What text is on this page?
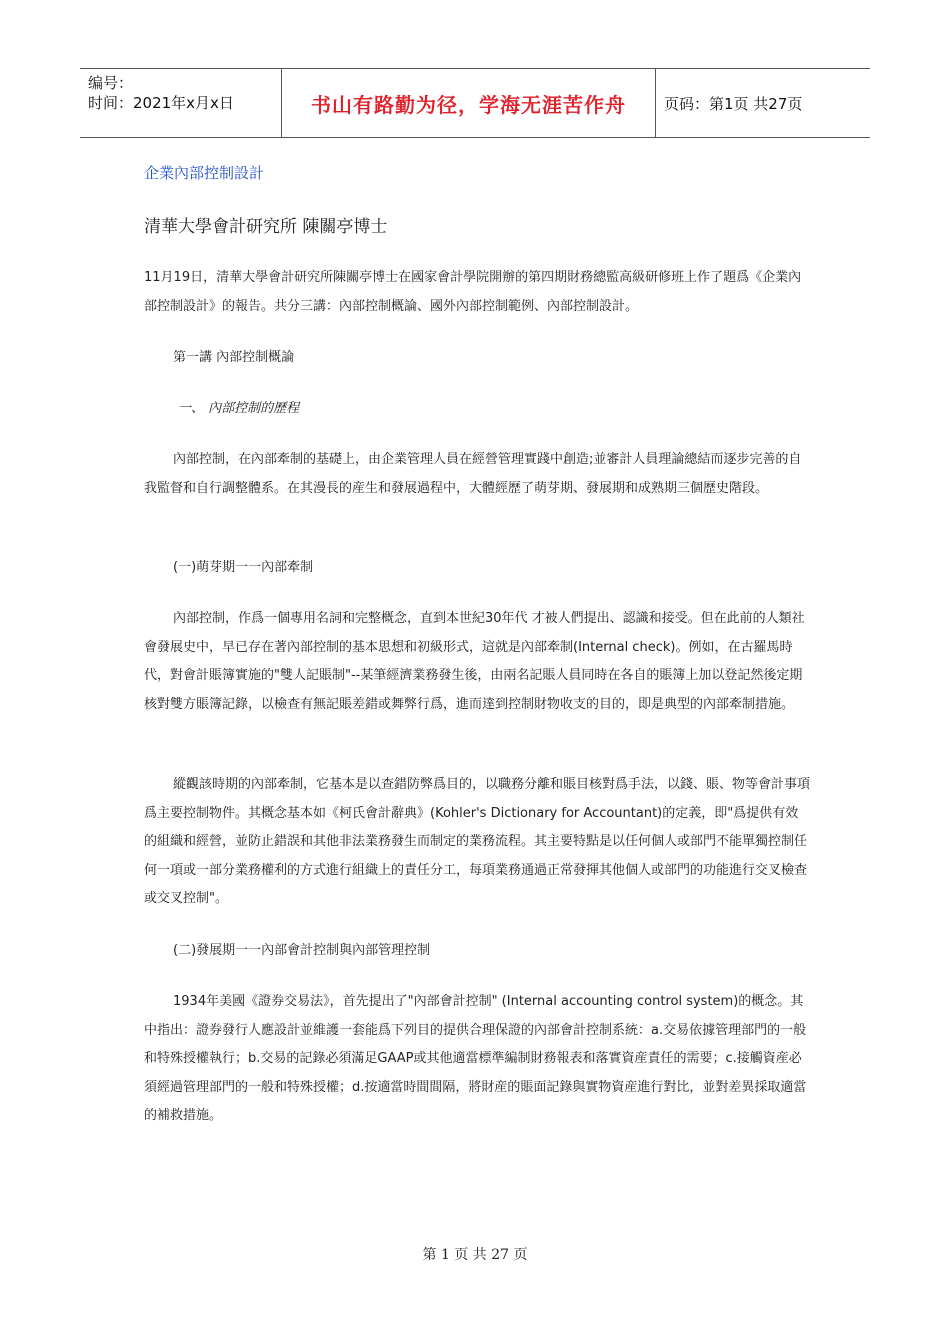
编号：
时间：2021年x月x日	书山有路勤为径，学海无涯苦作舟	页码：第1页 共27页
企業內部控制設計
清華大學會計研究所 陳關亭博士

11月19日，清華大學會計研究所陳關亭博士在國家會計學院開辦的第四期財務總監高級研修班上作了題爲《企業內部控制設計》的報告。共分三講：內部控制概論、國外內部控制範例、內部控制設計。

第一講 內部控制概論
一、 內部控制的歷程

內部控制，在內部牽制的基礎上，由企業管理人員在經營管理實踐中創造;並審計人員理論總結而逐步完善的自我監督和自行調整體系。在其漫長的産生和發展過程中，大體經歷了萌芽期、發展期和成熟期三個歷史階段。

(一)萌芽期一一內部牽制

內部控制，作爲一個專用名詞和完整概念，直到本世紀30年代 才被人們提出、認識和接受。但在此前的人類社會發展史中，早已存在著內部控制的基本思想和初級形式，這就是內部牽制(Internal check)。例如，在古羅馬時代，對會計賬簿實施的"雙人記賬制"--某筆經濟業務發生後，由兩名記賬人員同時在各自的賬簿上加以登記然後定期核對雙方賬簿記錄，以檢查有無記賬差錯或舞弊行爲，進而達到控制財物收支的目的，即是典型的內部牽制措施。

縱觀該時期的內部牽制，它基本是以查錯防弊爲目的，以職務分離和賬目核對爲手法，以錢、賬、物等會計事項爲主要控制物件。其概念基本如《柯氏會計辭典》(Kohler's Dictionary for Accountant)的定義，即"爲提供有效的組織和經營，並防止錯誤和其他非法業務發生而制定的業務流程。其主要特點是以任何個人或部門不能單獨控制任何一項或一部分業務權利的方式進行組織上的責任分工，每項業務通過正常發揮其他個人或部門的功能進行交叉檢查或交叉控制"。

(二)發展期一一內部會計控制與內部管理控制

1934年美國《證券交易法》，首先提出了"內部會計控制" (Internal accounting control system)的概念。其中指出：證券發行人應設計並維護一套能爲下列目的提供合理保證的內部會計控制系統：a.交易依據管理部門的一般和特殊授權執行；b.交易的記錄必須滿足GAAP或其他適當標準編制財務報表和落實資産責任的需要；c.接觸資産必須經過管理部門的一般和特殊授權；d.按適當時間間隔，將財産的賬面記錄與實物資産進行對比，並對差異採取適當的補救措施。

第 1 页 共 27 页
